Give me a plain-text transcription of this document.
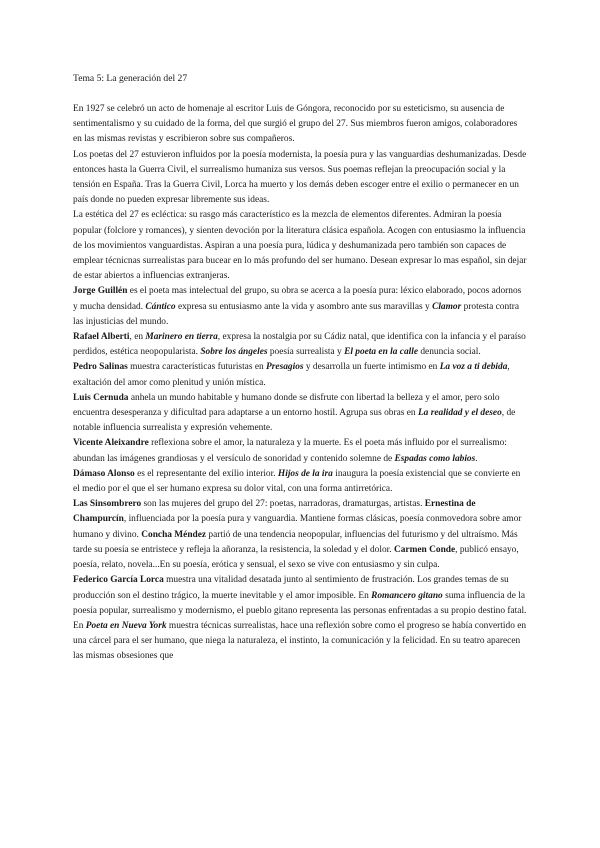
Tema 5: La generación del 27

En 1927 se celebró un acto de homenaje al escritor Luis de Góngora, reconocido por su esteticismo, su ausencia de sentimentalismo y su cuidado de la forma, del que surgió el grupo del 27. Sus miembros fueron amigos, colaboradores en las mismas revistas y escribieron sobre sus compañeros.

Los poetas del 27 estuvieron influidos por la poesía modernista, la poesía pura y las vanguardias deshumanizadas. Desde entonces hasta la Guerra Civil, el surrealismo humaniza sus versos. Sus poemas reflejan la preocupación social y la tensión en España. Tras la Guerra Civil, Lorca ha muerto y los demás deben escoger entre el exilio o permanecer en un país donde no pueden expresar libremente sus ideas.

La estética del 27 es ecléctica: su rasgo más característico es la mezcla de elementos diferentes. Admiran la poesía popular (folclore y romances), y sienten devoción por la literatura clásica española. Acogen con entusiasmo la influencia de los movimientos vanguardistas. Aspiran a una poesía pura, lúdica y deshumanizada pero también son capaces de emplear técnicnas surrealistas para bucear en lo más profundo del ser humano. Desean expresar lo mas español, sin dejar de estar abiertos a influencias extranjeras.

Jorge Guillén es el poeta mas intelectual del grupo, su obra se acerca a la poesía pura: léxico elaborado, pocos adornos y mucha densidad. Cántico expresa su entusiasmo ante la vida y asombro ante sus maravillas y Clamor protesta contra las injusticias del mundo.

Rafael Alberti, en Marinero en tierra, expresa la nostalgia por su Cádiz natal, que identifica con la infancia y el paraíso perdidos, estética neopopularista. Sobre los ángeles poesía surrealista y El poeta en la calle denuncia social.

Pedro Salinas muestra características futuristas en Presagios y desarrolla un fuerte intimismo en La voz a ti debida, exaltación del amor como plenitud y unión mística.

Luis Cernuda anhela un mundo habitable y humano donde se disfrute con libertad la belleza y el amor, pero solo encuentra desesperanza y dificultad para adaptarse a un entorno hostil. Agrupa sus obras en La realidad y el deseo, de notable influencia surrealista y expresión vehemente.

Vicente Aleixandre reflexiona sobre el amor, la naturaleza y la muerte. Es el poeta más influido por el surrealismo: abundan las imágenes grandiosas y el versículo de sonoridad y contenido solemne de Espadas como labios.

Dámaso Alonso es el representante del exilio interior. Hijos de la ira inaugura la poesía existencial que se convierte en el medio por el que el ser humano expresa su dolor vital, con una forma antirretórica.

Las Sinsombrero son las mujeres del grupo del 27: poetas, narradoras, dramaturgas, artistas. Ernestina de Champurcín, influenciada por la poesía pura y vanguardia. Mantiene formas clásicas, poesía conmovedora sobre amor humano y divino. Concha Méndez partió de una tendencia neopopular, influencias del futurismo y del ultraísmo. Más tarde su poesía se entristece y refleja la añoranza, la resistencia, la soledad y el dolor. Carmen Conde, publicó ensayo, poesía, relato, novela...En su poesía, erótica y sensual, el sexo se vive con entusiasmo y sin culpa.

Federico García Lorca muestra una vitalidad desatada junto al sentimiento de frustración. Los grandes temas de su producción son el destino trágico, la muerte inevitable y el amor imposible. En Romancero gitano suma influencia de la poesía popular, surrealismo y modernismo, el pueblo gitano representa las personas enfrentadas a su propio destino fatal. En Poeta en Nueva York muestra técnicas surrealistas, hace una reflexión sobre como el progreso se había convertido en una cárcel para el ser humano, que niega la naturaleza, el instinto, la comunicación y la felicidad. En su teatro aparecen las mismas obsesiones que
